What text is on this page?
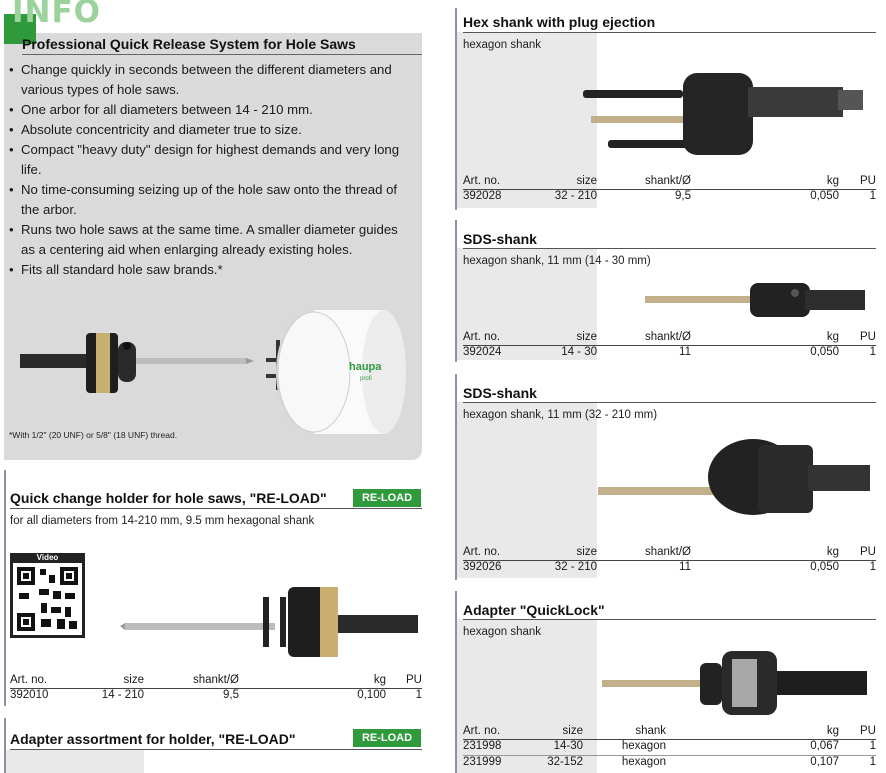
INFO
Professional Quick Release System for Hole Saws
• Change quickly in seconds between the different diameters and various types of hole saws.
• One arbor for all diameters between 14 - 210 mm.
• Absolute concentricity and diameter true to size.
• Compact "heavy duty" design for highest demands and very long life.
• No time-consuming seizing up of the hole saw onto the thread of the arbor.
• Runs two hole saws at the same time. A smaller diameter guides as a centering aid when enlarging already existing holes.
• Fits all standard hole saw brands.*
haupa
profi
*With 1/2" (20 UNF) or 5/8" (18 UNF) thread.
Quick change holder for hole saws, "RE-LOAD"	RE-LOAD
for all diameters from 14-210 mm, 9.5 mm hexagonal shank
Video
Art. no.	size	shankt/Ø	kg PU
392010	14 - 210	9,5	0,100	1
Adapter assortment for holder, "RE-LOAD"	RE-LOAD
Hex shank with plug ejection
hexagon shank
Art. no.	size	shankt/Ø	kg PU
392028	32 - 210	9,5	0,050	1
SDS-shank
hexagon shank, 11 mm (14 - 30 mm)
Art. no.	size	shankt/Ø	kg PU
392024	14 - 30	11	0,050	1
SDS-shank
hexagon shank, 11 mm (32 - 210 mm)
Art. no.	size	shankt/Ø	kg PU
392026	32 - 210	11	0,050	1
Adapter "QuickLock"
hexagon shank
Art. no.	size	shank	kg PU
231998	14-30	hexagon	0,067	1
231999	32-152	hexagon	0,107	1
